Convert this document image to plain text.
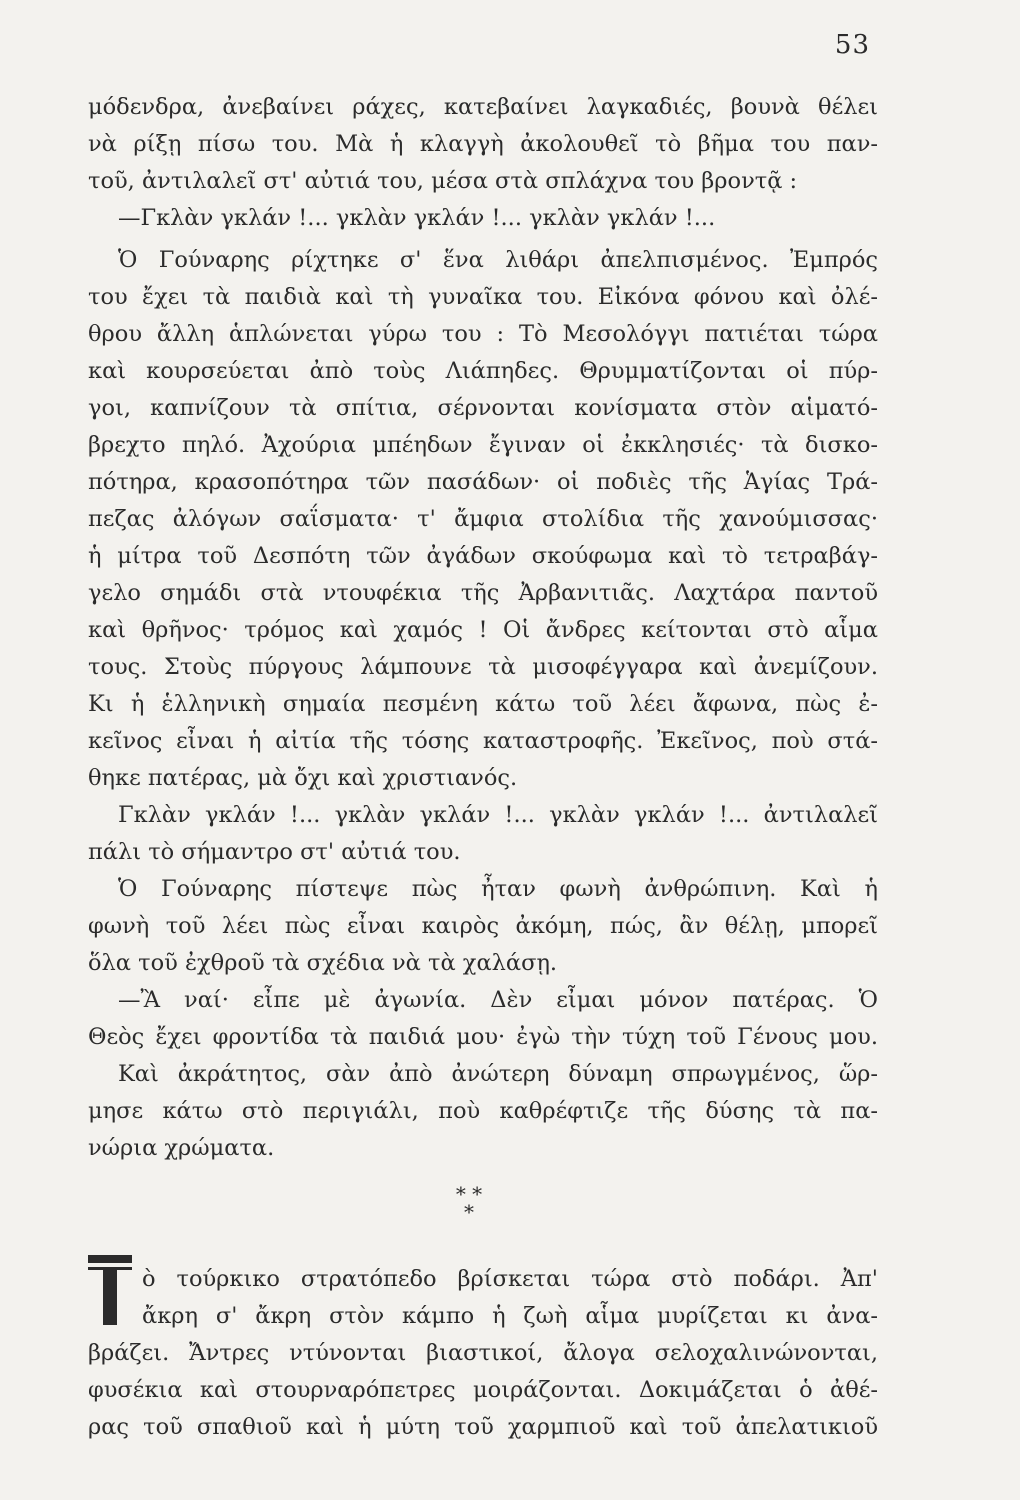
53
μόδενδρα, ἀνεβαίνει ράχες, κατεβαίνει λαγκαδιές, βουνὰ θέλει
νὰ ρίξῃ πίσω του. Μὰ ἡ κλαγγὴ ἀκολουθεῖ τὸ βῆμα του παν-
τοῦ, ἀντιλαλεῖ στ' αὐτιά του, μέσα στὰ σπλάχνα του βροντᾷ :
—Γκλὰν γκλάν !... γκλὰν γκλάν !... γκλὰν γκλάν !...
Ὁ Γούναρης ρίχτηκε σ' ἕνα λιθάρι ἀπελπισμένος. Ἐμπρός
του ἔχει τὰ παιδιὰ καὶ τὴ γυναῖκα του. Εἰκόνα φόνου καὶ ὀλέ-
θρου ἄλλη ἁπλώνεται γύρω του : Τὸ Μεσολόγγι πατιέται τώρα
καὶ κουρσεύεται ἀπὸ τοὺς Λιάπηδες. Θρυμματίζονται οἱ πύρ-
γοι, καπνίζουν τὰ σπίτια, σέρνονται κονίσματα στὸν αἱματό-
βρεχτο πηλό. Ἀχούρια μπέηδων ἔγιναν οἱ ἐκκλησιές· τὰ δισκο-
πότηρα, κρασοπότηρα τῶν πασάδων· οἱ ποδιὲς τῆς Ἁγίας Τρά-
πεζας ἀλόγων σαΐσματα· τ' ἄμφια στολίδια τῆς χανούμισσας·
ἡ μίτρα τοῦ Δεσπότη τῶν ἀγάδων σκούφωμα καὶ τὸ τετραβάγ-
γελο σημάδι στὰ ντουφέκια τῆς Ἀρβανιτιᾶς. Λαχτάρα παντοῦ
καὶ θρῆνος· τρόμος καὶ χαμός ! Οἱ ἄνδρες κείτονται στὸ αἷμα
τους. Στοὺς πύργους λάμπουνε τὰ μισοφέγγαρα καὶ ἀνεμίζουν.
Κι ἡ ἑλληνικὴ σημαία πεσμένη κάτω τοῦ λέει ἄφωνα, πὼς ἐ-
κεῖνος εἶναι ἡ αἰτία τῆς τόσης καταστροφῆς. Ἐκεῖνος, ποὺ στά-
θηκε πατέρας, μὰ ὄχι καὶ χριστιανός.
Γκλὰν γκλάν !... γκλὰν γκλάν !... γκλὰν γκλάν !... ἀντιλαλεῖ
πάλι τὸ σήμαντρο στ' αὐτιά του.
Ὁ Γούναρης πίστεψε πὼς ἦταν φωνὴ ἀνθρώπινη. Καὶ ἡ
φωνὴ τοῦ λέει πὼς εἶναι καιρὸς ἀκόμη, πώς, ἂν θέλῃ, μπορεῖ
ὅλα τοῦ ἐχθροῦ τὰ σχέδια νὰ τὰ χαλάσῃ.
—Ἂ ναί· εἶπε μὲ ἀγωνία. Δὲν εἶμαι μόνον πατέρας. Ὁ
Θεὸς ἔχει φροντίδα τὰ παιδιά μου· ἐγὼ τὴν τύχη τοῦ Γένους μου.
Καὶ ἀκράτητος, σὰν ἀπὸ ἀνώτερη δύναμη σπρωγμένος, ὥρ-
μησε κάτω στὸ περιγιάλι, ποὺ καθρέφτιζε τῆς δύσης τὰ πα-
νώρια χρώματα.
* * *
ὸ τούρκικο στρατόπεδο βρίσκεται τώρα στὸ ποδάρι. Ἀπ'
ἄκρη σ' ἄκρη στὸν κάμπο ἡ ζωὴ αἷμα μυρίζεται κι ἀνα-
βράζει. Ἄντρες ντύνονται βιαστικοί, ἄλογα σελοχαλινώνονται,
φυσέκια καὶ στουρναρόπετρες μοιράζονται. Δοκιμάζεται ὁ ἀθέ-
ρας τοῦ σπαθιοῦ καὶ ἡ μύτη τοῦ χαρμπιοῦ καὶ τοῦ ἀπελατικιοῦ
